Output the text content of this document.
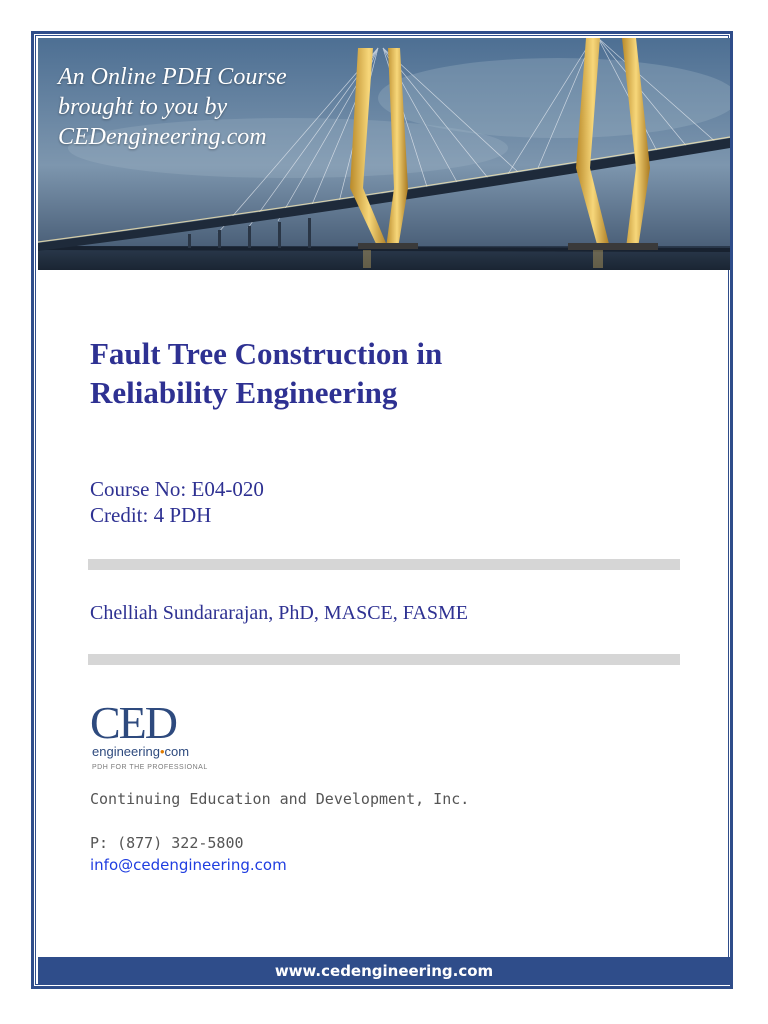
An Online PDH Course
brought to you by
CEDengineering.com
Fault Tree Construction in
Reliability Engineering
Course No: E04-020
Credit: 4 PDH
Chelliah Sundararajan, PhD, MASCE, FASME
CED
engineering•com
PDH FOR THE PROFESSIONAL
Continuing Education and Development, Inc.
P: (877) 322-5800
info@cedengineering.com
www.cedengineering.com
